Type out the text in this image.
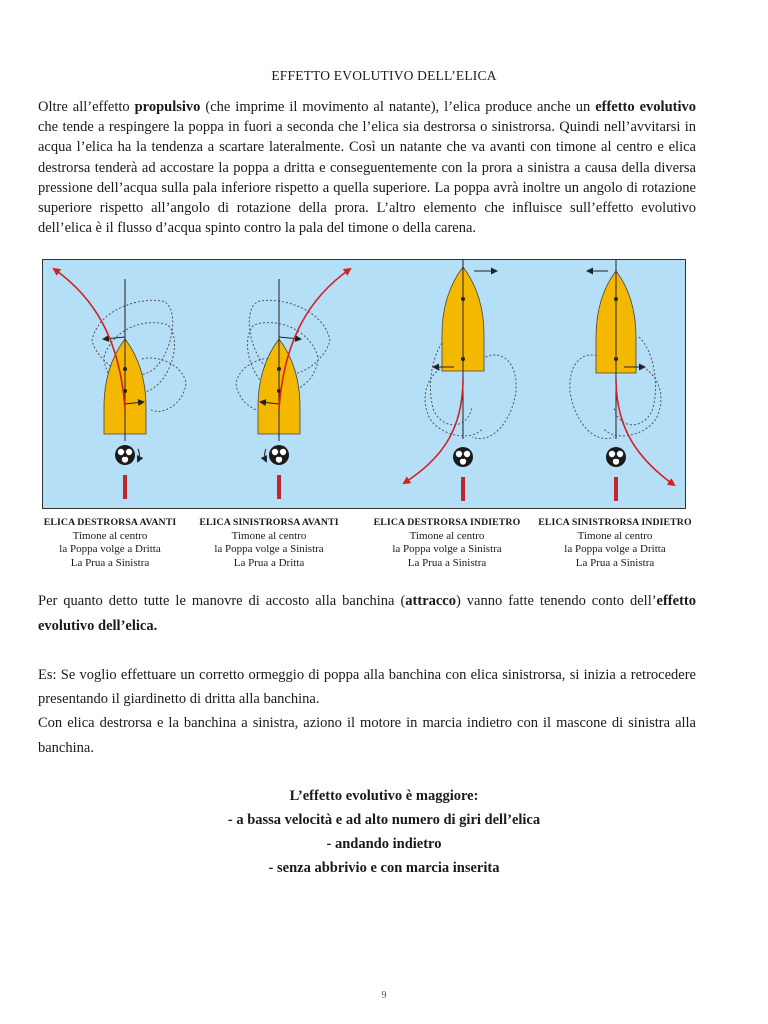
EFFETTO EVOLUTIVO DELL’ELICA
Oltre all’effetto propulsivo (che imprime il movimento al natante), l’elica produce anche un effetto evolutivo che tende a respingere la poppa in fuori a seconda che l’elica sia destrorsa o sinistrorsa. Quindi nell’avvitarsi in acqua l’elica ha la tendenza a scartare lateralmente. Così un natante che va avanti con timone al centro e elica destrorsa tenderà ad accostare la poppa a dritta e conseguentemente con la prora a sinistra a causa della diversa pressione dell’acqua sulla pala inferiore rispetto a quella superiore. La poppa avrà inoltre un angolo di rotazione superiore rispetto all’angolo di rotazione della prora. L’altro elemento che influisce sull’effetto evolutivo dell’elica è il flusso d’acqua spinto contro la pala del timone o della carena.
ELICA DESTRORSA AVANTI
Timone al centro
la Poppa volge a Dritta
La Prua a Sinistra
ELICA SINISTRORSA AVANTI
Timone al centro
la Poppa volge a Sinistra
La Prua a Dritta
ELICA DESTRORSA INDIETRO
Timone al centro
la Poppa volge a Sinistra
La Prua a Sinistra
ELICA SINISTRORSA INDIETRO
Timone al centro
la Poppa volge a Dritta
La Prua a Sinistra
Per quanto detto tutte le manovre di accosto alla banchina (attracco) vanno fatte tenendo conto dell’effetto evolutivo dell’elica.
Es: Se voglio effettuare un corretto ormeggio di poppa alla banchina con elica sinistrorsa, si inizia a retrocedere presentando il giardinetto di dritta alla banchina.
Con elica destrorsa e la banchina a sinistra, aziono il motore in marcia indietro con il mascone di sinistra alla banchina.
L’effetto evolutivo è maggiore:
- a bassa velocità e ad alto numero di giri dell’elica
- andando indietro
- senza abbrivio e con marcia inserita
9
